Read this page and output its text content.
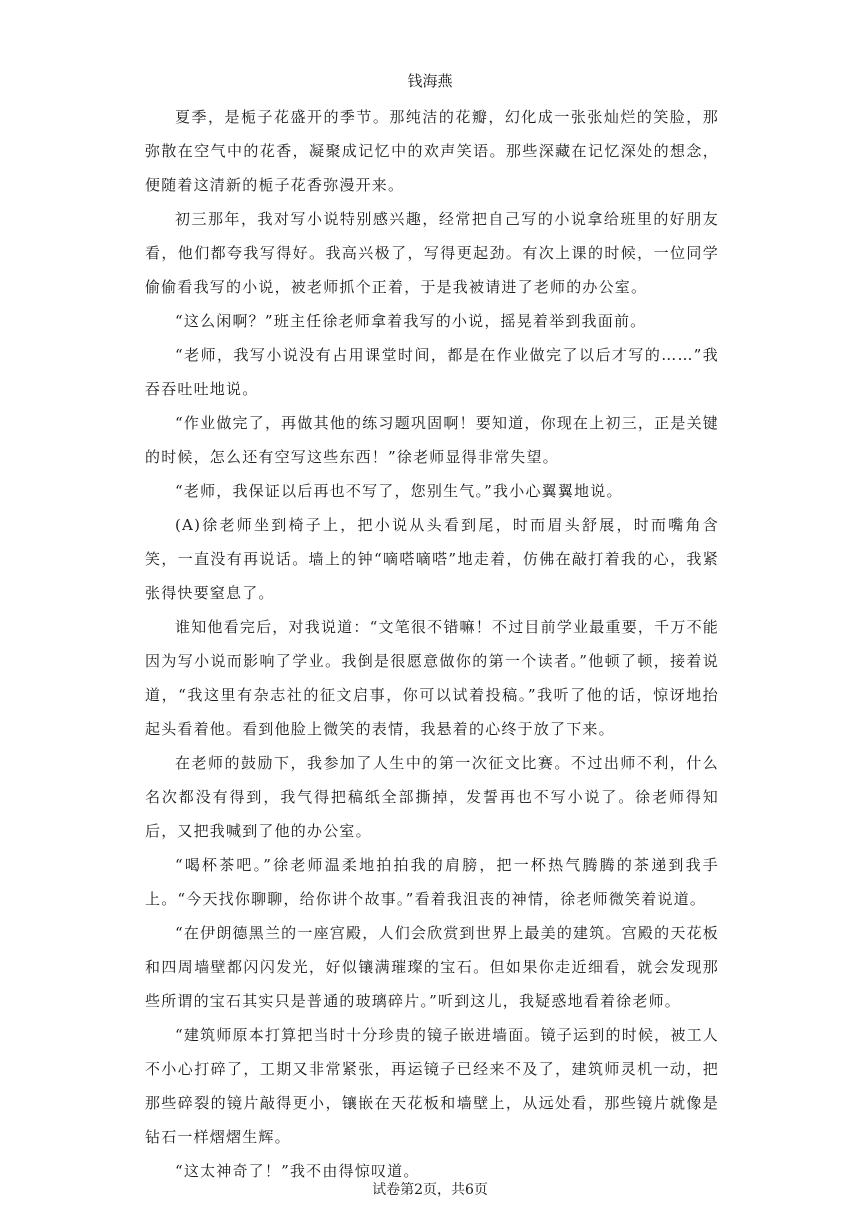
钱海燕

夏季，是栀子花盛开的季节。那纯洁的花瓣，幻化成一张张灿烂的笑脸，那弥散在空气中的花香，凝聚成记忆中的欢声笑语。那些深藏在记忆深处的想念，便随着这清新的栀子花香弥漫开来。

初三那年，我对写小说特别感兴趣，经常把自己写的小说拿给班里的好朋友看，他们都夸我写得好。我高兴极了，写得更起劲。有次上课的时候，一位同学偷偷看我写的小说，被老师抓个正着，于是我被请进了老师的办公室。

“这么闲啊？”班主任徐老师拿着我写的小说，摇晃着举到我面前。

“老师，我写小说没有占用课堂时间，都是在作业做完了以后才写的……”我吞吞吐吐地说。

“作业做完了，再做其他的练习题巩固啊！要知道，你现在上初三，正是关键的时候，怎么还有空写这些东西！”徐老师显得非常失望。

“老师，我保证以后再也不写了，您别生气。”我小心翼翼地说。

(A)徐老师坐到椅子上，把小说从头看到尾，时而眉头舒展，时而嘴角含笑，一直没有再说话。墙上的钟“嘀嗒嘀嗒”地走着，仿佛在敲打着我的心，我紧张得快要窒息了。

谁知他看完后，对我说道：“文笔很不错嘛！不过目前学业最重要，千万不能因为写小说而影响了学业。我倒是很愿意做你的第一个读者。”他顿了顿，接着说道，“我这里有杂志社的征文启事，你可以试着投稿。”我听了他的话，惊讶地抬起头看着他。看到他脸上微笑的表情，我悬着的心终于放了下来。

在老师的鼓励下，我参加了人生中的第一次征文比赛。不过出师不利，什么名次都没有得到，我气得把稿纸全部撕掉，发誓再也不写小说了。徐老师得知后，又把我喊到了他的办公室。

“喝杯茶吧。”徐老师温柔地拍拍我的肩膀，把一杯热气腾腾的茶递到我手上。“今天找你聊聊，给你讲个故事。”看着我沮丧的神情，徐老师微笑着说道。

“在伊朗德黑兰的一座宫殿，人们会欣赏到世界上最美的建筑。宫殿的天花板和四周墙壁都闪闪发光，好似镶满璀璨的宝石。但如果你走近细看，就会发现那些所谓的宝石其实只是普通的玻璃碎片。”听到这儿，我疑惑地看着徐老师。

“建筑师原本打算把当时十分珍贵的镜子嵌进墙面。镜子运到的时候，被工人不小心打碎了，工期又非常紧张，再运镜子已经来不及了，建筑师灵机一动，把那些碎裂的镜片敲得更小，镶嵌在天花板和墙壁上，从远处看，那些镜片就像是钻石一样熠熠生辉。

“这太神奇了！”我不由得惊叹道。

试卷第2页，共6页
